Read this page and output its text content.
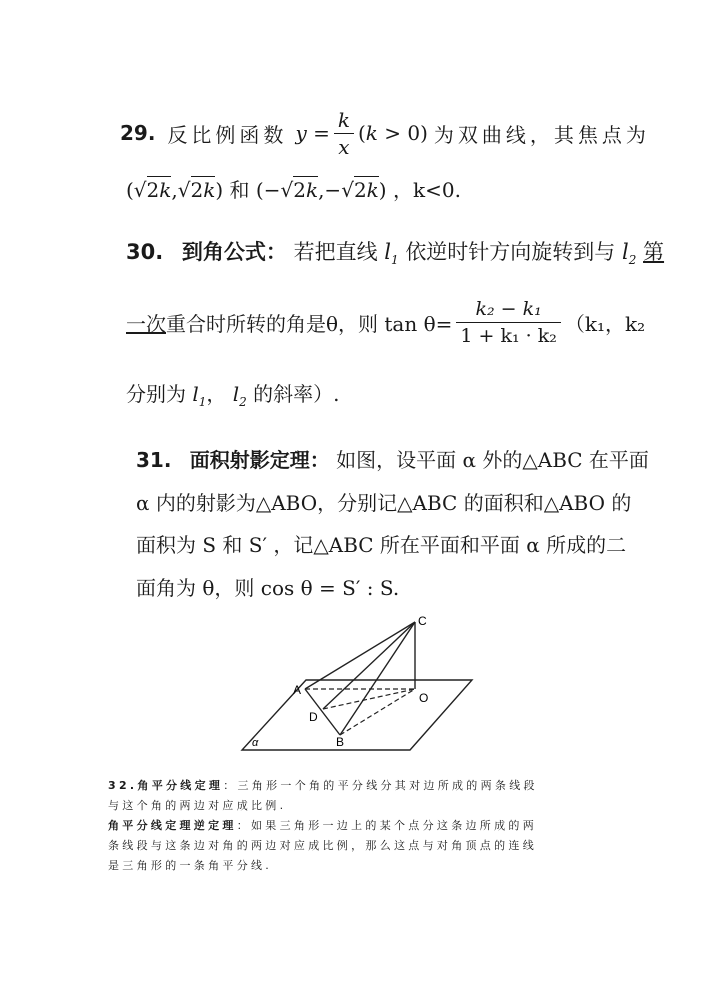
29. 反比例函数 $y = \frac{k}{x} (k > 0)$ 为双曲线，其焦点为
(√2k,√2k) 和 (−√2k,−√2k) ，k<0.
30. 到角公式： 若把直线 $l_1$ 依逆时针方向旋转到与 $l_2$ 第
一次 重合时所转的角是θ，则 $\tan \theta= \frac{\text{k₂ − k₁}}{\text{1 + k₁ · k₂}} (k_1$，k₂
分别为 $l_1$， $l_2$ 的斜率）.
31. 面积射影定理： 如图，设平面 α 外的△ABC 在平面
α 内的射影为△ABO，分别记△ABC 的面积和△ABO 的
面积为 S 和 S′ ，记△ABC 所在平面和平面 α 所成的二
面角为 θ，则 cos θ = S′ : S.
C
A
O
D
B
α
32.角平分线定理：三角形一个角的平分线分其对边所成的两条线段
与这个角的两边对应成比例.
角平分线定理逆定理：如果三角形一边上的某个点分这条边所成的两
条线段与这条边对角的两边对应成比例，那么这点与对角顶点的连线
是三角形的一条角平分线.
